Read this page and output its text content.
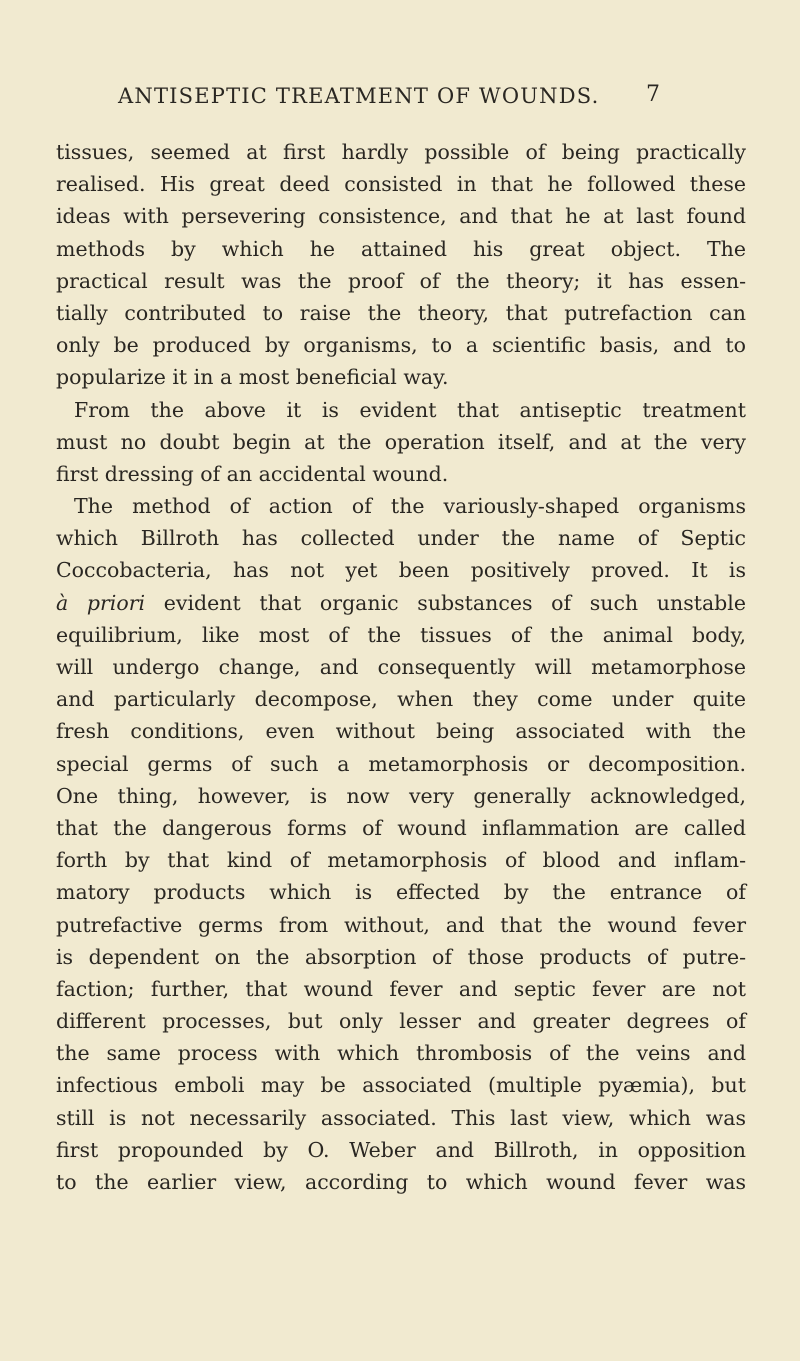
ANTISEPTIC TREATMENT OF WOUNDS.	7
tissues, seemed at first hardly possible of being practically
realised. His great deed consisted in that he followed these
ideas with persevering consistence, and that he at last found
methods by which he attained his great object. The
practical result was the proof of the theory; it has essen-
tially contributed to raise the theory, that putrefaction can
only be produced by organisms, to a scientific basis, and to
popularize it in a most beneficial way.
From the above it is evident that antiseptic treatment
must no doubt begin at the operation itself, and at the very
first dressing of an accidental wound.
The method of action of the variously-shaped organisms
which Billroth has collected under the name of Septic
Coccobacteria, has not yet been positively proved. It is
à priori evident that organic substances of such unstable
equilibrium, like most of the tissues of the animal body,
will undergo change, and consequently will metamorphose
and particularly decompose, when they come under quite
fresh conditions, even without being associated with the
special germs of such a metamorphosis or decomposition.
One thing, however, is now very generally acknowledged,
that the dangerous forms of wound inflammation are called
forth by that kind of metamorphosis of blood and inflam-
matory products which is effected by the entrance of
putrefactive germs from without, and that the wound fever
is dependent on the absorption of those products of putre-
faction; further, that wound fever and septic fever are not
different processes, but only lesser and greater degrees of
the same process with which thrombosis of the veins and
infectious emboli may be associated (multiple pyæmia), but
still is not necessarily associated. This last view, which was
first propounded by O. Weber and Billroth, in opposition
to the earlier view, according to which wound fever was
